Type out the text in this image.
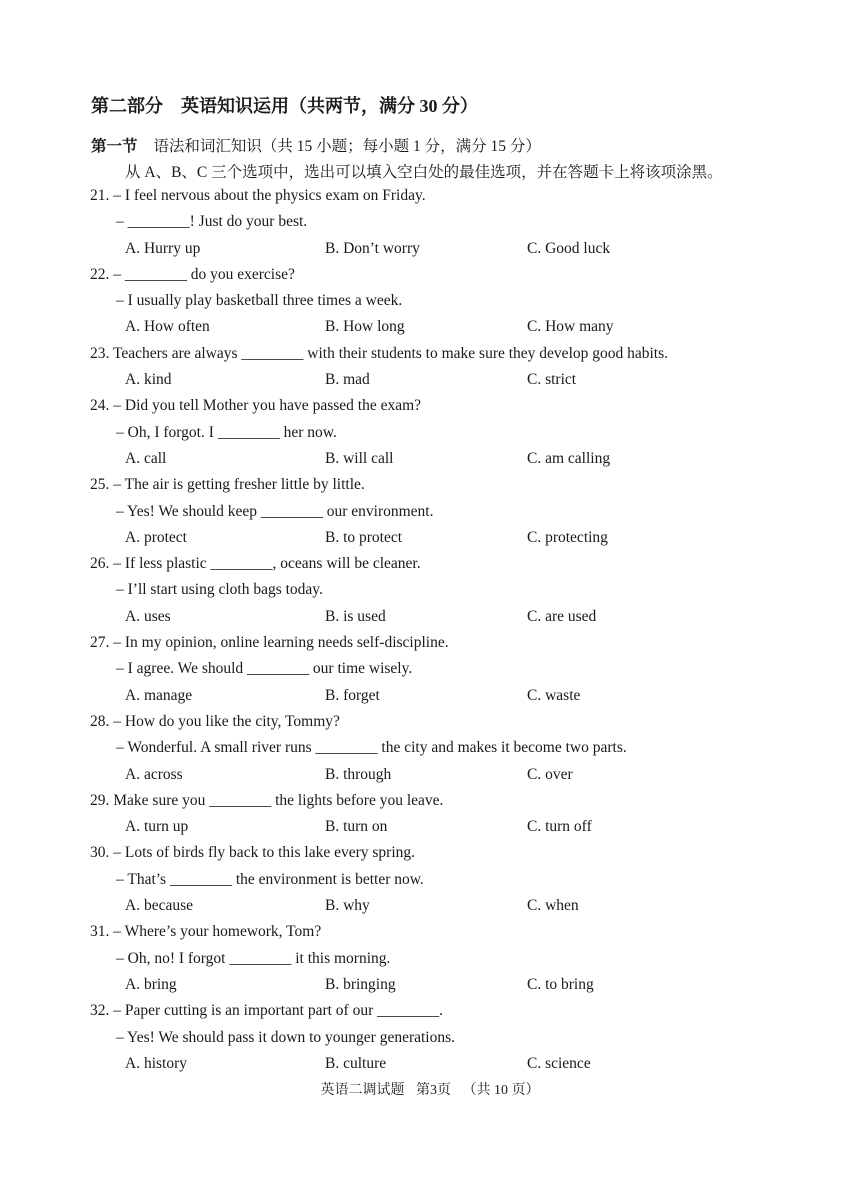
第二部分　英语知识运用（共两节，满分 30 分）
第一节 语法和词汇知识（共 15 小题；每小题 1 分，满分 15 分）
从 A、B、C 三个选项中，选出可以填入空白处的最佳选项，并在答题卡上将该项涂黑。
21. – I feel nervous about the physics exam on Friday.
– ________! Just do your best.
A. Hurry up	B. Don’t worry	C. Good luck
22. – ________ do you exercise?
– I usually play basketball three times a week.
A. How often	B. How long	C. How many
23. Teachers are always ________ with their students to make sure they develop good habits.
A. kind	B. mad	C. strict
24. – Did you tell Mother you have passed the exam?
– Oh, I forgot. I ________ her now.
A. call	B. will call	C. am calling
25. – The air is getting fresher little by little.
– Yes! We should keep ________ our environment.
A. protect	B. to protect	C. protecting
26. – If less plastic ________, oceans will be cleaner.
– I’ll start using cloth bags today.
A. uses	B. is used	C. are used
27. – In my opinion, online learning needs self-discipline.
– I agree. We should ________ our time wisely.
A. manage	B. forget	C. waste
28. – How do you like the city, Tommy?
– Wonderful. A small river runs ________ the city and makes it become two parts.
A. across	B. through	C. over
29. Make sure you ________ the lights before you leave.
A. turn up	B. turn on	C. turn off
30. – Lots of birds fly back to this lake every spring.
– That’s ________ the environment is better now.
A. because	B. why	C. when
31. – Where’s your homework, Tom?
– Oh, no! I forgot ________ it this morning.
A. bring	B. bringing	C. to bring
32. – Paper cutting is an important part of our ________.
– Yes! We should pass it down to younger generations.
A. history	B. culture	C. science
英语二调试题 第3页 （共 10 页）
